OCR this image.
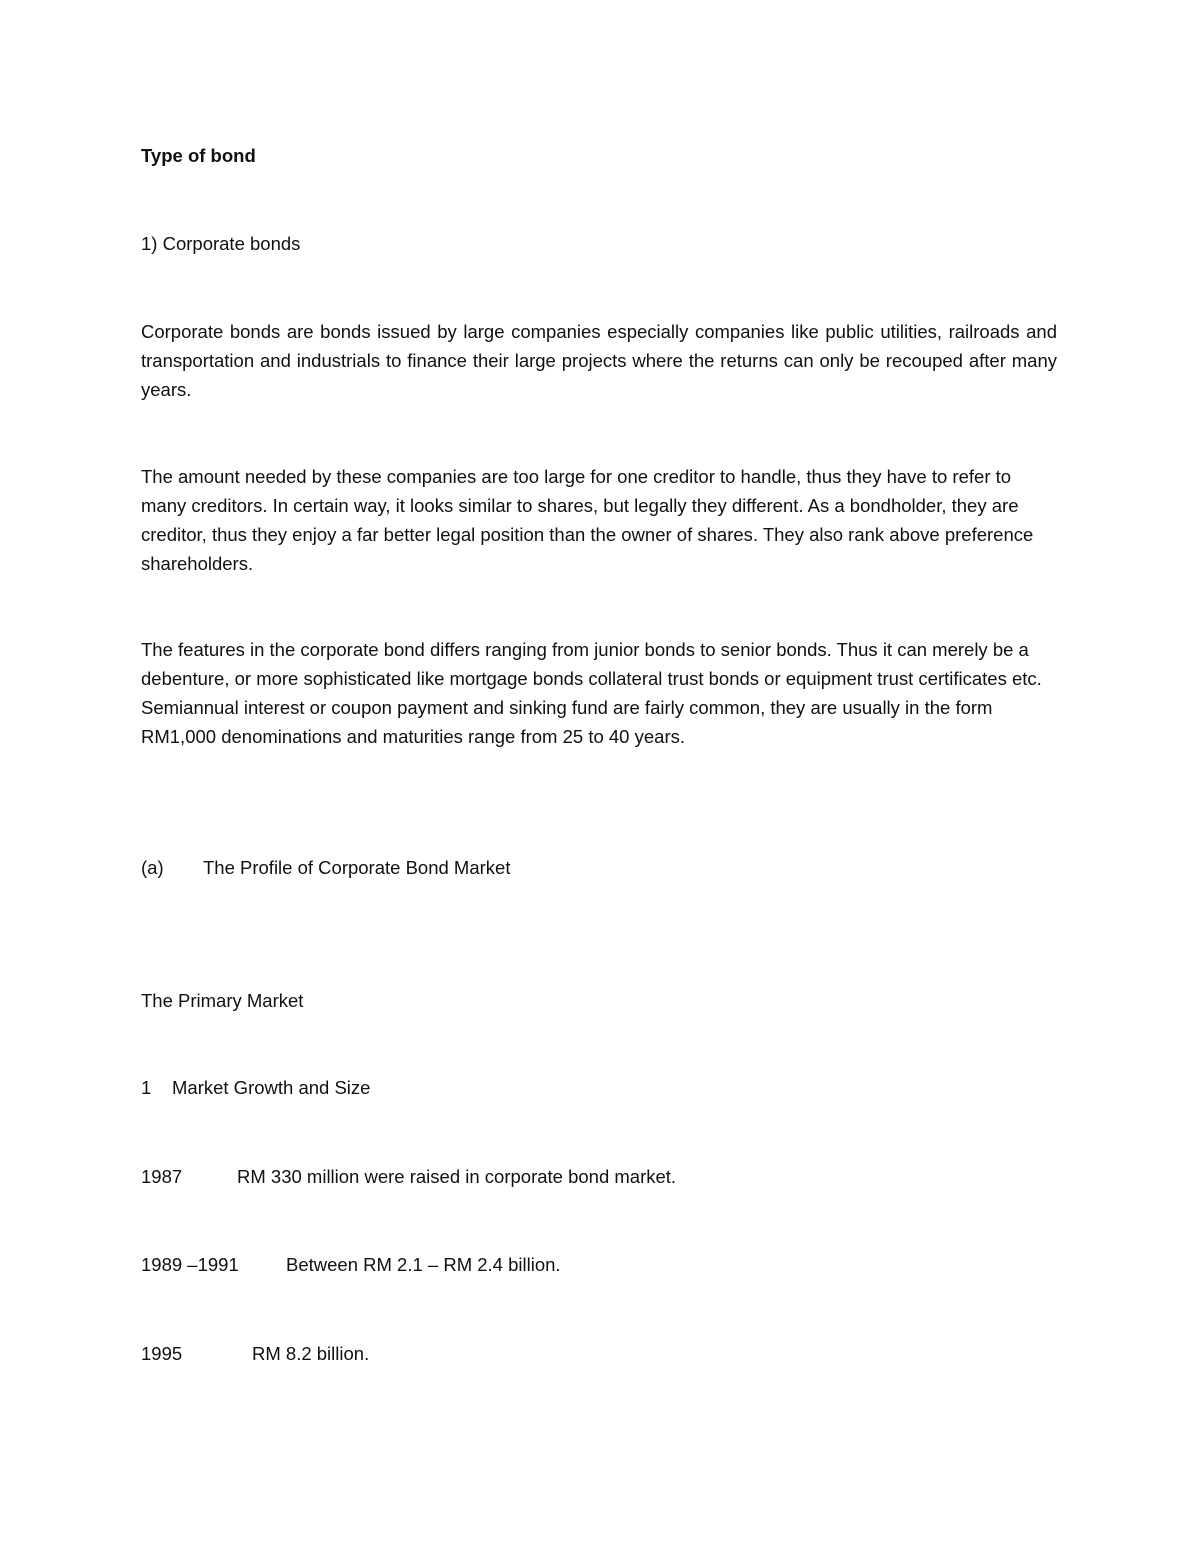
Type of bond

1) Corporate bonds

Corporate bonds are bonds issued by large companies especially companies like public utilities, railroads and transportation and industrials to finance their large projects where the returns can only be recouped after many years.

The amount needed by these companies are too large for one creditor to handle, thus they have to refer to many creditors. In certain way, it looks similar to shares, but legally they different. As a bondholder, they are creditor, thus they enjoy a far better legal position than the owner of shares. They also rank above preference shareholders.

The features in the corporate bond differs ranging from junior bonds to senior bonds. Thus it can merely be a debenture, or more sophisticated like mortgage bonds collateral trust bonds or equipment trust certificates etc. Semiannual interest or coupon payment and sinking fund are fairly common, they are usually in the form RM1,000 denominations and maturities range from 25 to 40 years.

(a) The Profile of Corporate Bond Market

The Primary Market

1 Market Growth and Size
1987	RM 330 million were raised in corporate bond market.
1989 –1991	Between RM 2.1 – RM 2.4 billion.
1995	RM 8.2 billion.
